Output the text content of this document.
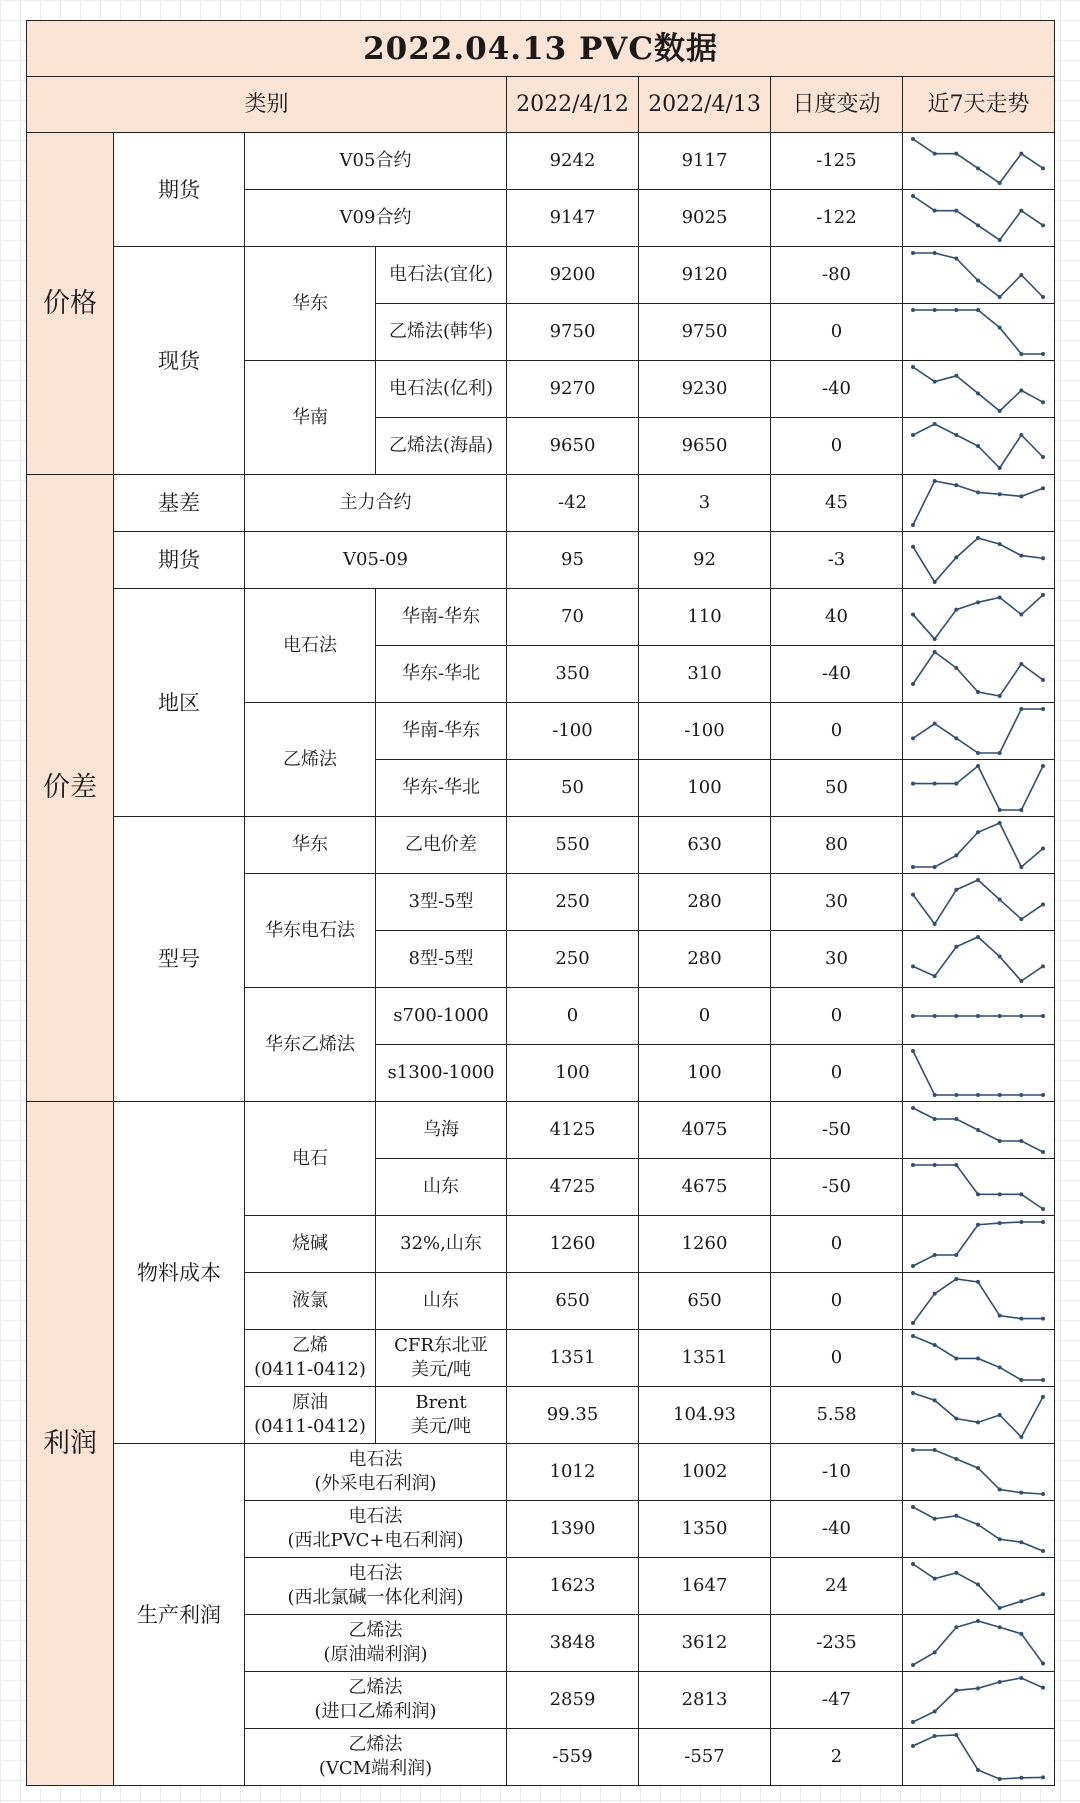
2022.04.13 PVC数据							
类别				2022/4/12	2022/4/13	日度变动	近7天走势
价格	期货	V05合约		9242	9117	-125	

		V09合约		9147	9025	-122	

	现货	华东	电石法(宜化)	9200	9120	-80	

			乙烯法(韩华)	9750	9750	0	

		华南	电石法(亿利)	9270	9230	-40	

			乙烯法(海晶)	9650	9650	0	

价差	基差	主力合约		-42	3	45	

	期货	V05-09		95	92	-3	

	地区	电石法	华南-华东	70	110	40	

			华东-华北	350	310	-40	

		乙烯法	华南-华东	-100	-100	0	

			华东-华北	50	100	50	

	型号	华东	乙电价差	550	630	80	

		华东电石法	3型-5型	250	280	30	

			8型-5型	250	280	30	

		华东乙烯法	s700-1000	0	0	0	

			s1300-1000	100	100	0	

利润	物料成本	电石	乌海	4125	4075	-50	

			山东	4725	4675	-50	

		烧碱	32%,山东	1260	1260	0	

		液氯	山东	650	650	0	

		乙烯
(0411-0412)	CFR东北亚
美元/吨	1351	1351	0	

		原油
(0411-0412)	Brent
美元/吨	99.35	104.93	5.58	

	生产利润	电石法
(外采电石利润)		1012	1002	-10	

		电石法
(西北PVC+电石利润)		1390	1350	-40	

		电石法
(西北氯碱一体化利润)		1623	1647	24	

		乙烯法
(原油端利润)		3848	3612	-235	

		乙烯法
(进口乙烯利润)		2859	2813	-47	

		乙烯法
(VCM端利润)		-559	-557	2	
